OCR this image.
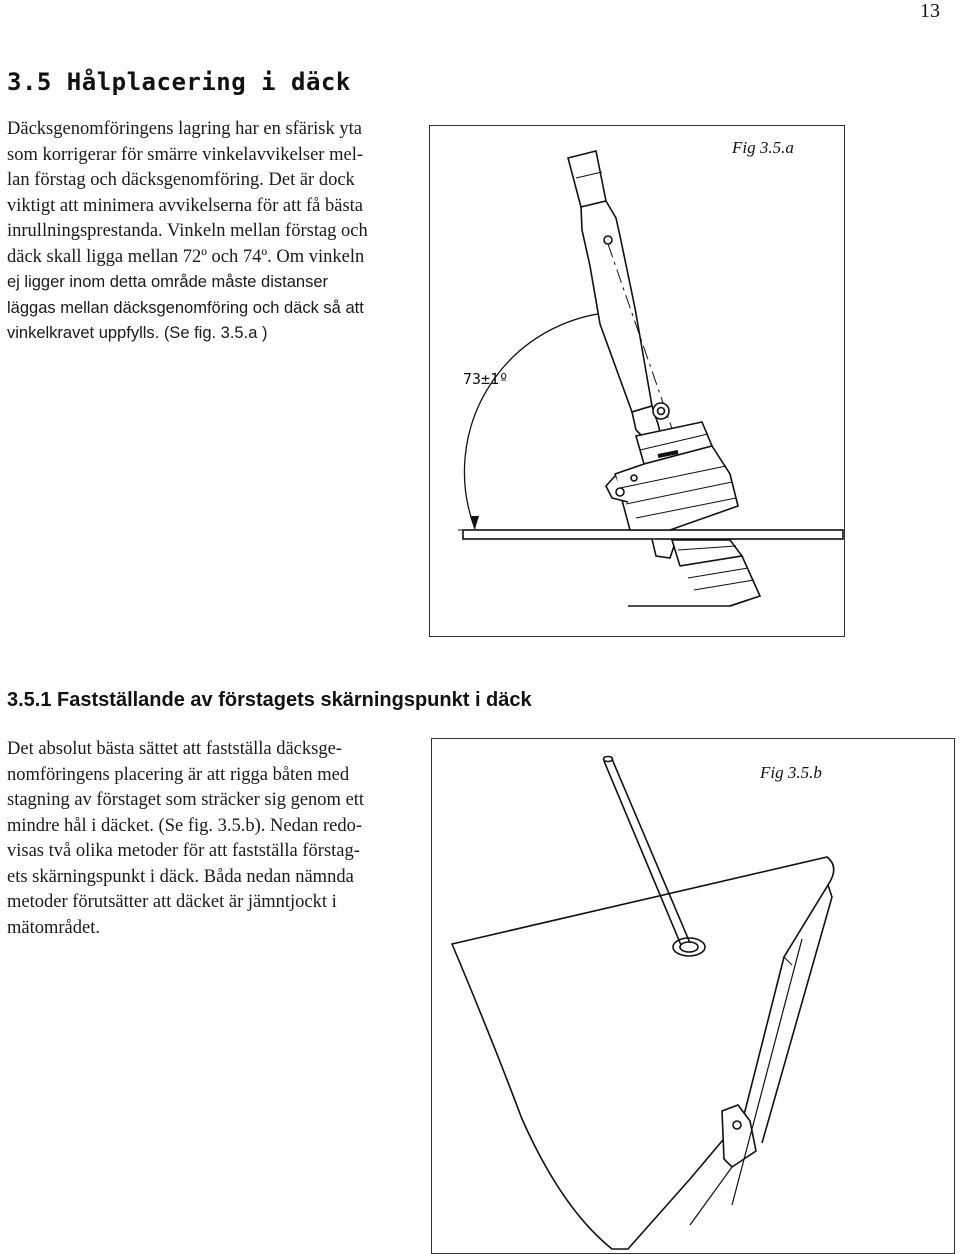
13
3.5 Hålplacering i däck

Däcksgenomföringens lagring har en sfärisk yta
som korrigerar för smärre vinkelavvikelser mel-
lan förstag och däcksgenomföring. Det är dock
viktigt att minimera avvikelserna för att få bästa
inrullningsprestanda. Vinkeln mellan förstag och
däck skall ligga mellan 72º och 74º. Om vinkeln
ej ligger inom detta område måste distanser
läggas mellan däcksgenomföring och däck så att
vinkelkravet uppfylls. (Se fig. 3.5.a )

Fig 3.5.a
73±1º
3.5.1 Fastställande av förstagets skärningspunkt i däck

Det absolut bästa sättet att fastställa däcksge-
nomföringens placering är att rigga båten med
stagning av förstaget som sträcker sig genom ett
mindre hål i däcket. (Se fig. 3.5.b). Nedan redo-
visas två olika metoder för att fastställa förstag-
ets skärningspunkt i däck. Båda nedan nämnda
metoder förutsätter att däcket är jämntjockt i
mätområdet.

Fig 3.5.b
